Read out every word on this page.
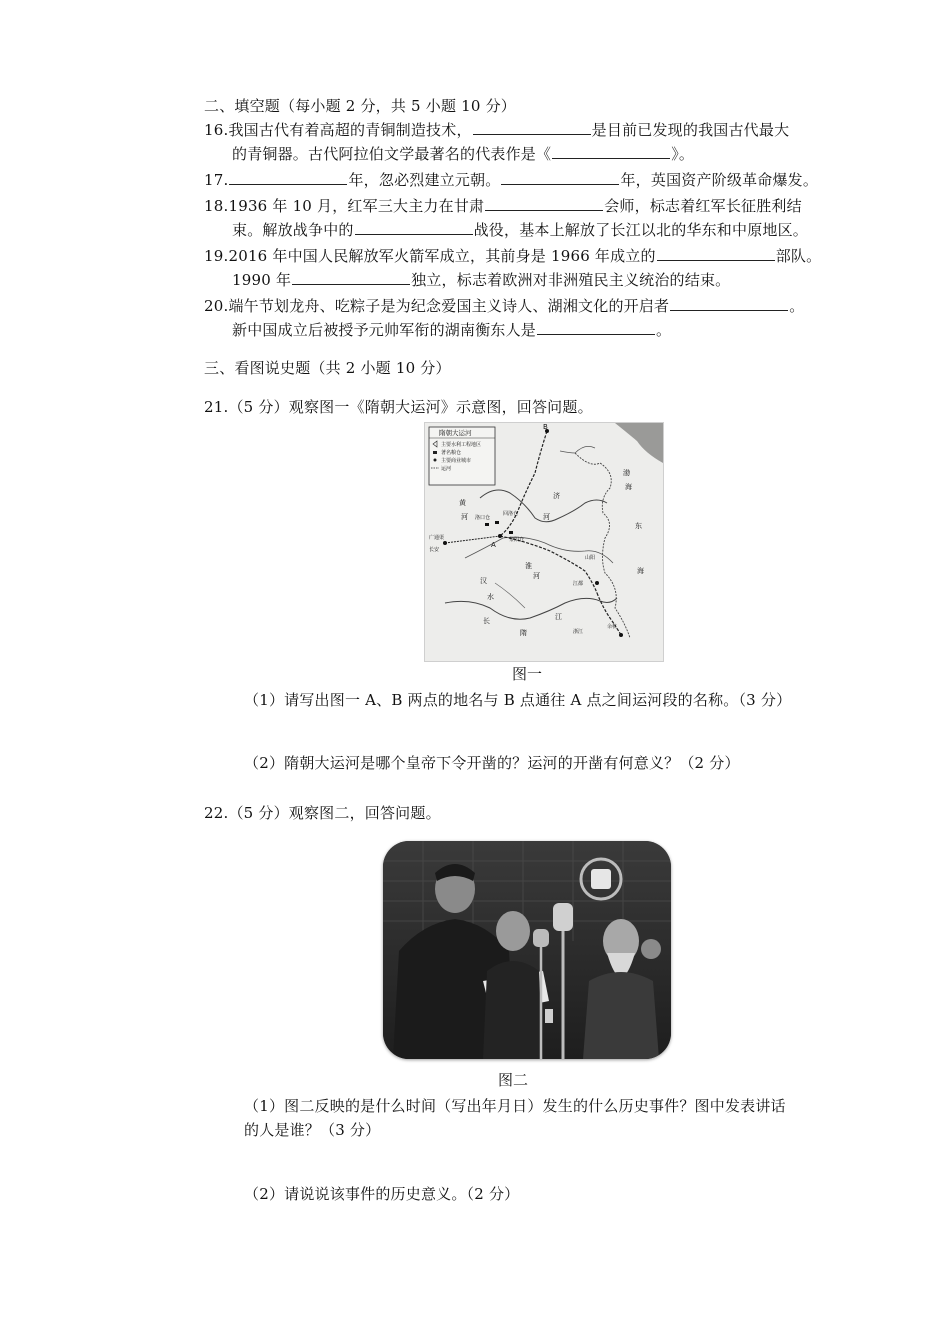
二、填空题（每小题 2 分，共 5 小题 10 分）
16.我国古代有着高超的青铜制造技术，	是目前已发现的我国古代最大
的青铜器。古代阿拉伯文学最著名的代表作是《	》。
17.	年，忽必烈建立元朝。	年，英国资产阶级革命爆发。
18.1936 年 10 月，红军三大主力在甘肃	会师，标志着红军长征胜利结
束。解放战争中的	战役，基本上解放了长江以北的华东和中原地区。
19.2016 年中国人民解放军火箭军成立，其前身是 1966 年成立的	部队。
1990 年	独立，标志着欧洲对非洲殖民主义统治的结束。
20.端午节划龙舟、吃粽子是为纪念爱国主义诗人、湖湘文化的开启者	。
新中国成立后被授予元帅军衔的湖南衡东人是	。
三、看图说史题（共 2 小题 10 分）
21.（5 分）观察图一《隋朝大运河》示意图，回答问题。
隋朝大运河
主要水利工程地区
著名粮仓
主要商业城市
运河
B
A
渤
海
东
海
黄
河
隋
长	江
汉
水
济
河
淮
河
广通渠
长安
回洛仓
洛口仓
黎阳仓
山阳
江都
余杭
浙江
图一
（1）请写出图一 A、B 两点的地名与 B 点通往 A 点之间运河段的名称。（3 分）
（2）隋朝大运河是哪个皇帝下令开凿的？运河的开凿有何意义？（2 分）
22.（5 分）观察图二，回答问题。
图二
（1）图二反映的是什么时间（写出年月日）发生的什么历史事件？图中发表讲话
的人是谁？（3 分）
（2）请说说该事件的历史意义。（2 分）
